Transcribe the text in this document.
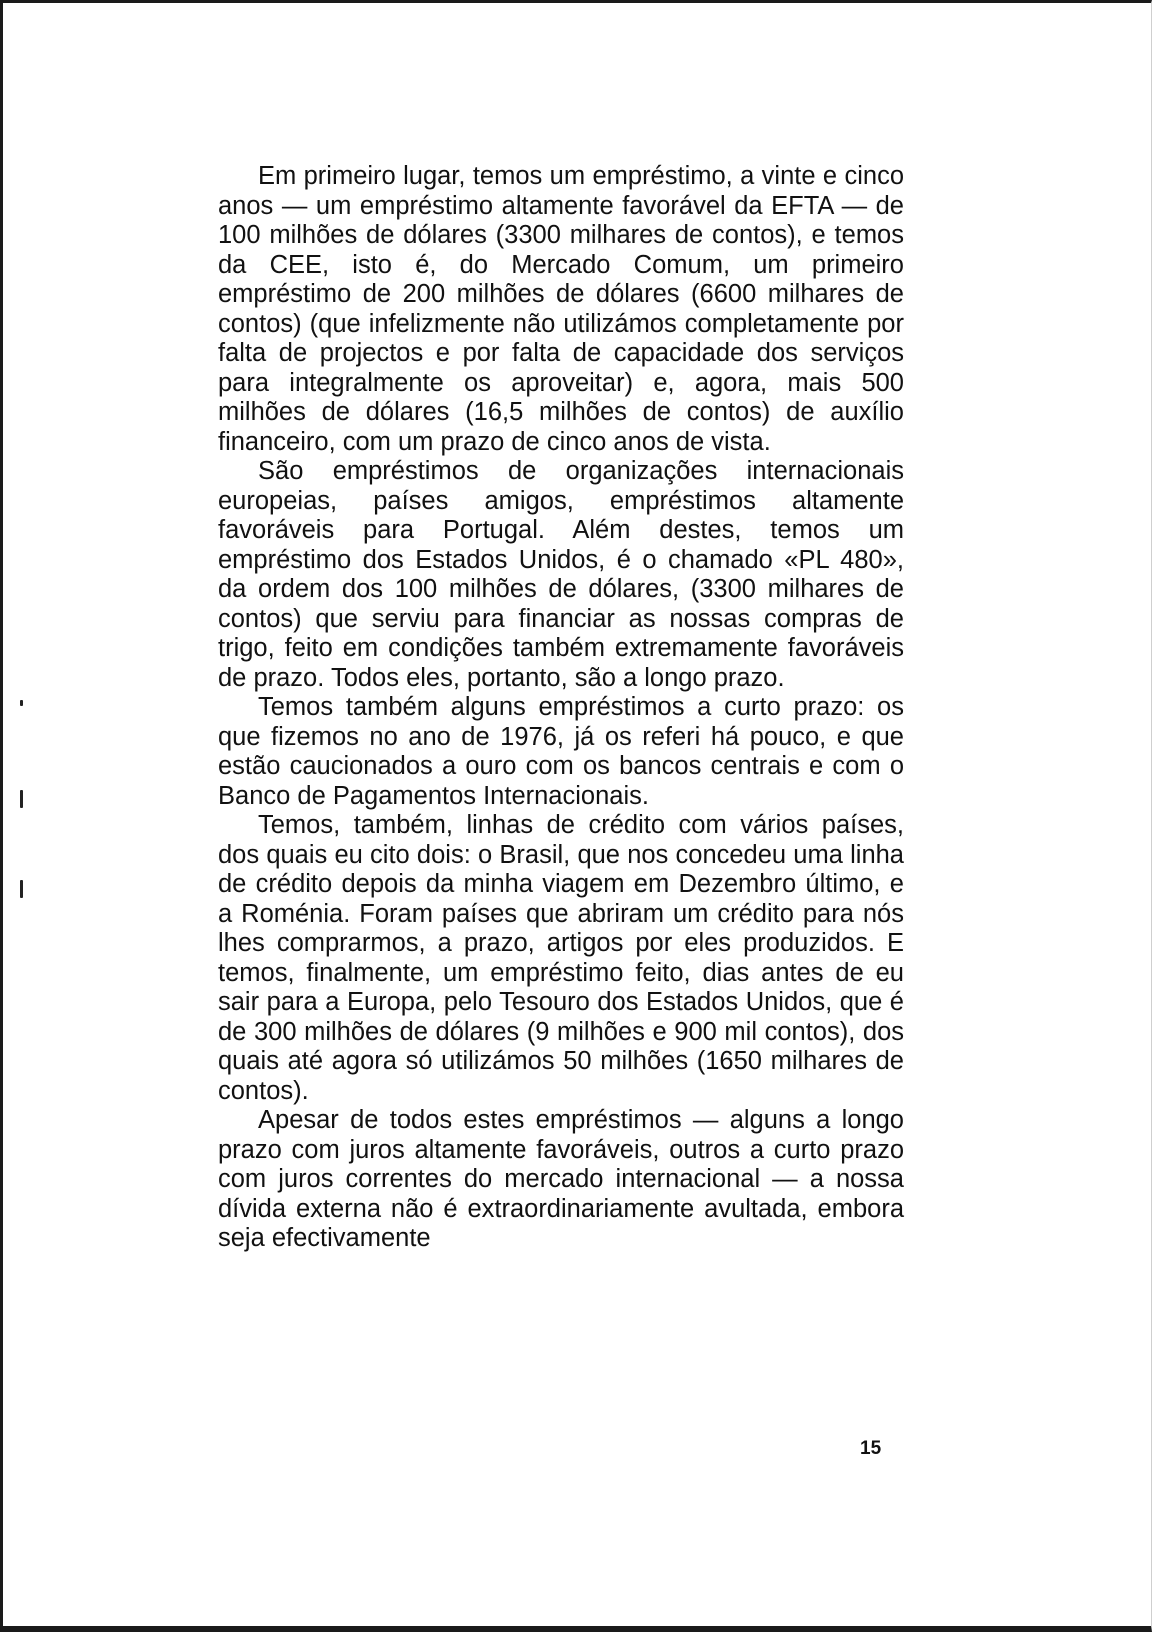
Em primeiro lugar, temos um empréstimo, a vinte e cinco anos — um empréstimo altamente favorável da EFTA — de 100 milhões de dólares (3300 milhares de contos), e temos da CEE, isto é, do Mercado Comum, um primeiro empréstimo de 200 milhões de dólares (6600 milhares de contos) (que infelizmente não utilizámos completamente por falta de projectos e por falta de capacidade dos serviços para integralmente os aproveitar) e, agora, mais 500 milhões de dólares (16,5 milhões de contos) de auxílio financeiro, com um prazo de cinco anos de vista.

São empréstimos de organizações internacionais europeias, países amigos, empréstimos altamente favoráveis para Portugal. Além destes, temos um empréstimo dos Estados Unidos, é o chamado «PL 480», da ordem dos 100 milhões de dólares, (3300 milhares de contos) que serviu para financiar as nossas compras de trigo, feito em condições também extremamente favoráveis de prazo. Todos eles, portanto, são a longo prazo.

Temos também alguns empréstimos a curto prazo: os que fizemos no ano de 1976, já os referi há pouco, e que estão caucionados a ouro com os bancos centrais e com o Banco de Pagamentos Internacionais.

Temos, também, linhas de crédito com vários países, dos quais eu cito dois: o Brasil, que nos concedeu uma linha de crédito depois da minha viagem em Dezembro último, e a Roménia. Foram países que abriram um crédito para nós lhes comprarmos, a prazo, artigos por eles produzidos. E temos, finalmente, um empréstimo feito, dias antes de eu sair para a Europa, pelo Tesouro dos Estados Unidos, que é de 300 milhões de dólares (9 milhões e 900 mil contos), dos quais até agora só utilizámos 50 milhões (1650 milhares de contos).

Apesar de todos estes empréstimos — alguns a longo prazo com juros altamente favoráveis, outros a curto prazo com juros correntes do mercado internacional — a nossa dívida externa não é extraordinariamente avultada, embora seja efectivamente

15
